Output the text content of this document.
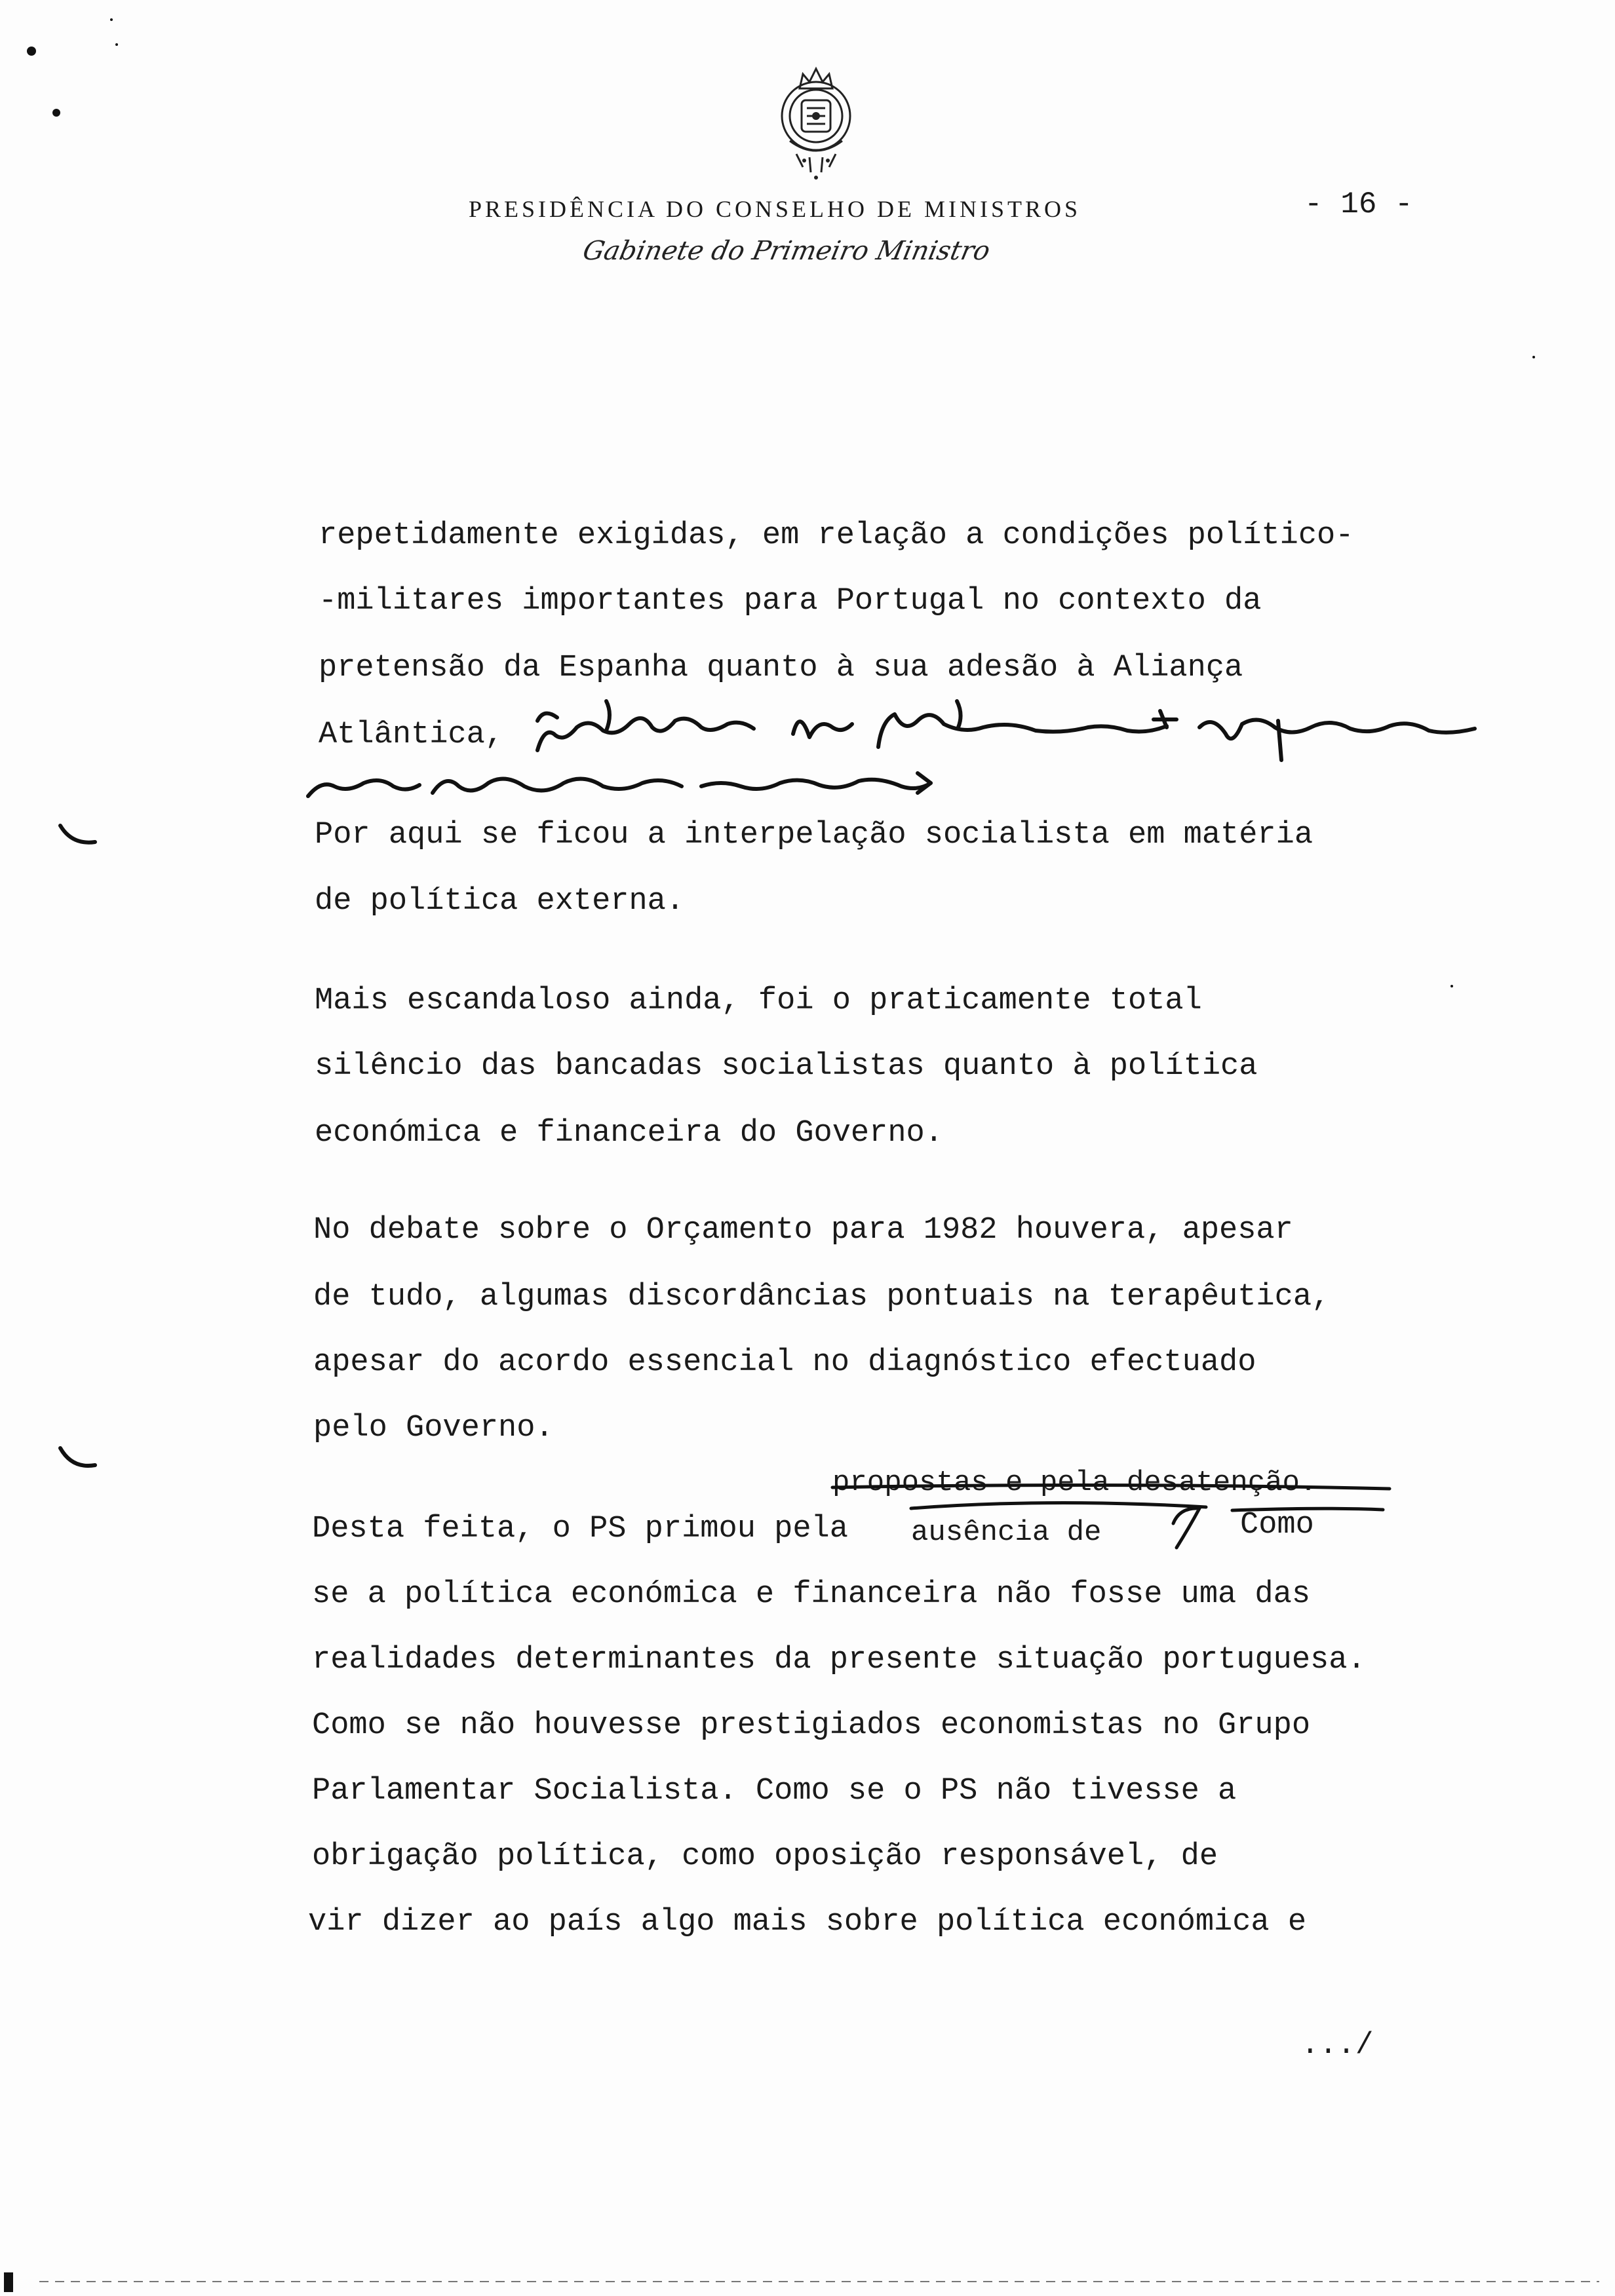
PRESIDÊNCIA DO CONSELHO DE MINISTROS	- 16 -
Gabinete do Primeiro Ministro
repetidamente exigidas, em relação a condições político-
-militares importantes para Portugal no contexto da
pretensão da Espanha quanto à sua adesão à Aliança
Atlântica,
Por aqui se ficou a interpelação socialista em matéria
de política externa.
Mais escandaloso ainda, foi o praticamente total
silêncio das bancadas socialistas quanto à política
económica e financeira do Governo.
No debate sobre o Orçamento para 1982 houvera, apesar
de tudo, algumas discordâncias pontuais na terapêutica,
apesar do acordo essencial no diagnóstico efectuado
pelo Governo.
propostas e pela desatenção.
Desta feita, o PS primou pela ausência de	Como
se a política económica e financeira não fosse uma das
realidades determinantes da presente situação portuguesa.
Como se não houvesse prestigiados economistas no Grupo
Parlamentar Socialista. Como se o PS não tivesse a
obrigação política, como oposição responsável, de
vir dizer ao país algo mais sobre política económica e
.../
